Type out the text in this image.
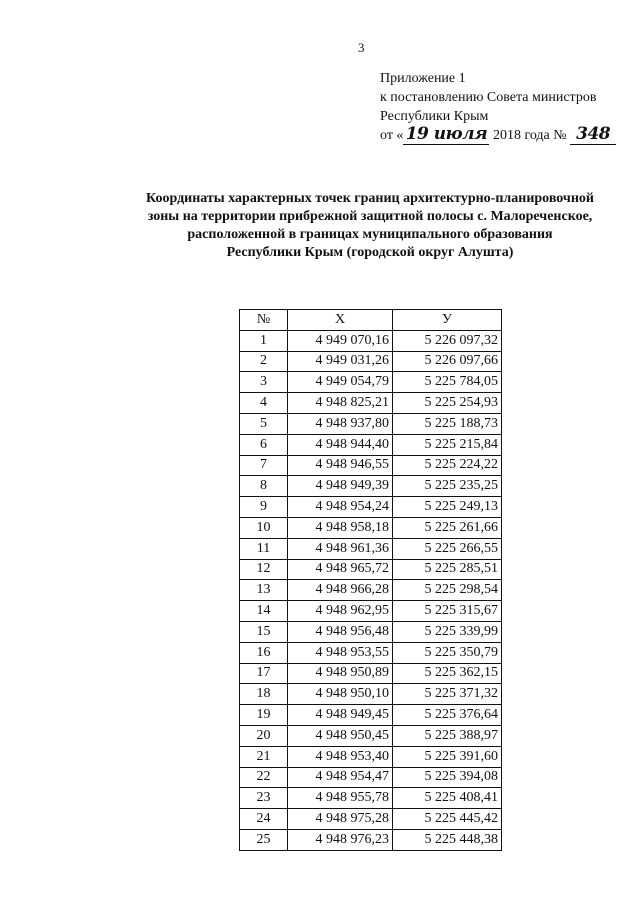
3
Приложение 1
к постановлению Совета министров
Республики Крым
от « 19 июля 2018 года № 348
Координаты характерных точек границ архитектурно-планировочной
зоны на территории прибрежной защитной полосы с. Малореченское,
расположенной в границах муниципального образования
Республики Крым (городской округ Алушта)
№	X	У
1	4 949 070,16	5 226 097,32
2	4 949 031,26	5 226 097,66
3	4 949 054,79	5 225 784,05
4	4 948 825,21	5 225 254,93
5	4 948 937,80	5 225 188,73
6	4 948 944,40	5 225 215,84
7	4 948 946,55	5 225 224,22
8	4 948 949,39	5 225 235,25
9	4 948 954,24	5 225 249,13
10	4 948 958,18	5 225 261,66
11	4 948 961,36	5 225 266,55
12	4 948 965,72	5 225 285,51
13	4 948 966,28	5 225 298,54
14	4 948 962,95	5 225 315,67
15	4 948 956,48	5 225 339,99
16	4 948 953,55	5 225 350,79
17	4 948 950,89	5 225 362,15
18	4 948 950,10	5 225 371,32
19	4 948 949,45	5 225 376,64
20	4 948 950,45	5 225 388,97
21	4 948 953,40	5 225 391,60
22	4 948 954,47	5 225 394,08
23	4 948 955,78	5 225 408,41
24	4 948 975,28	5 225 445,42
25	4 948 976,23	5 225 448,38
